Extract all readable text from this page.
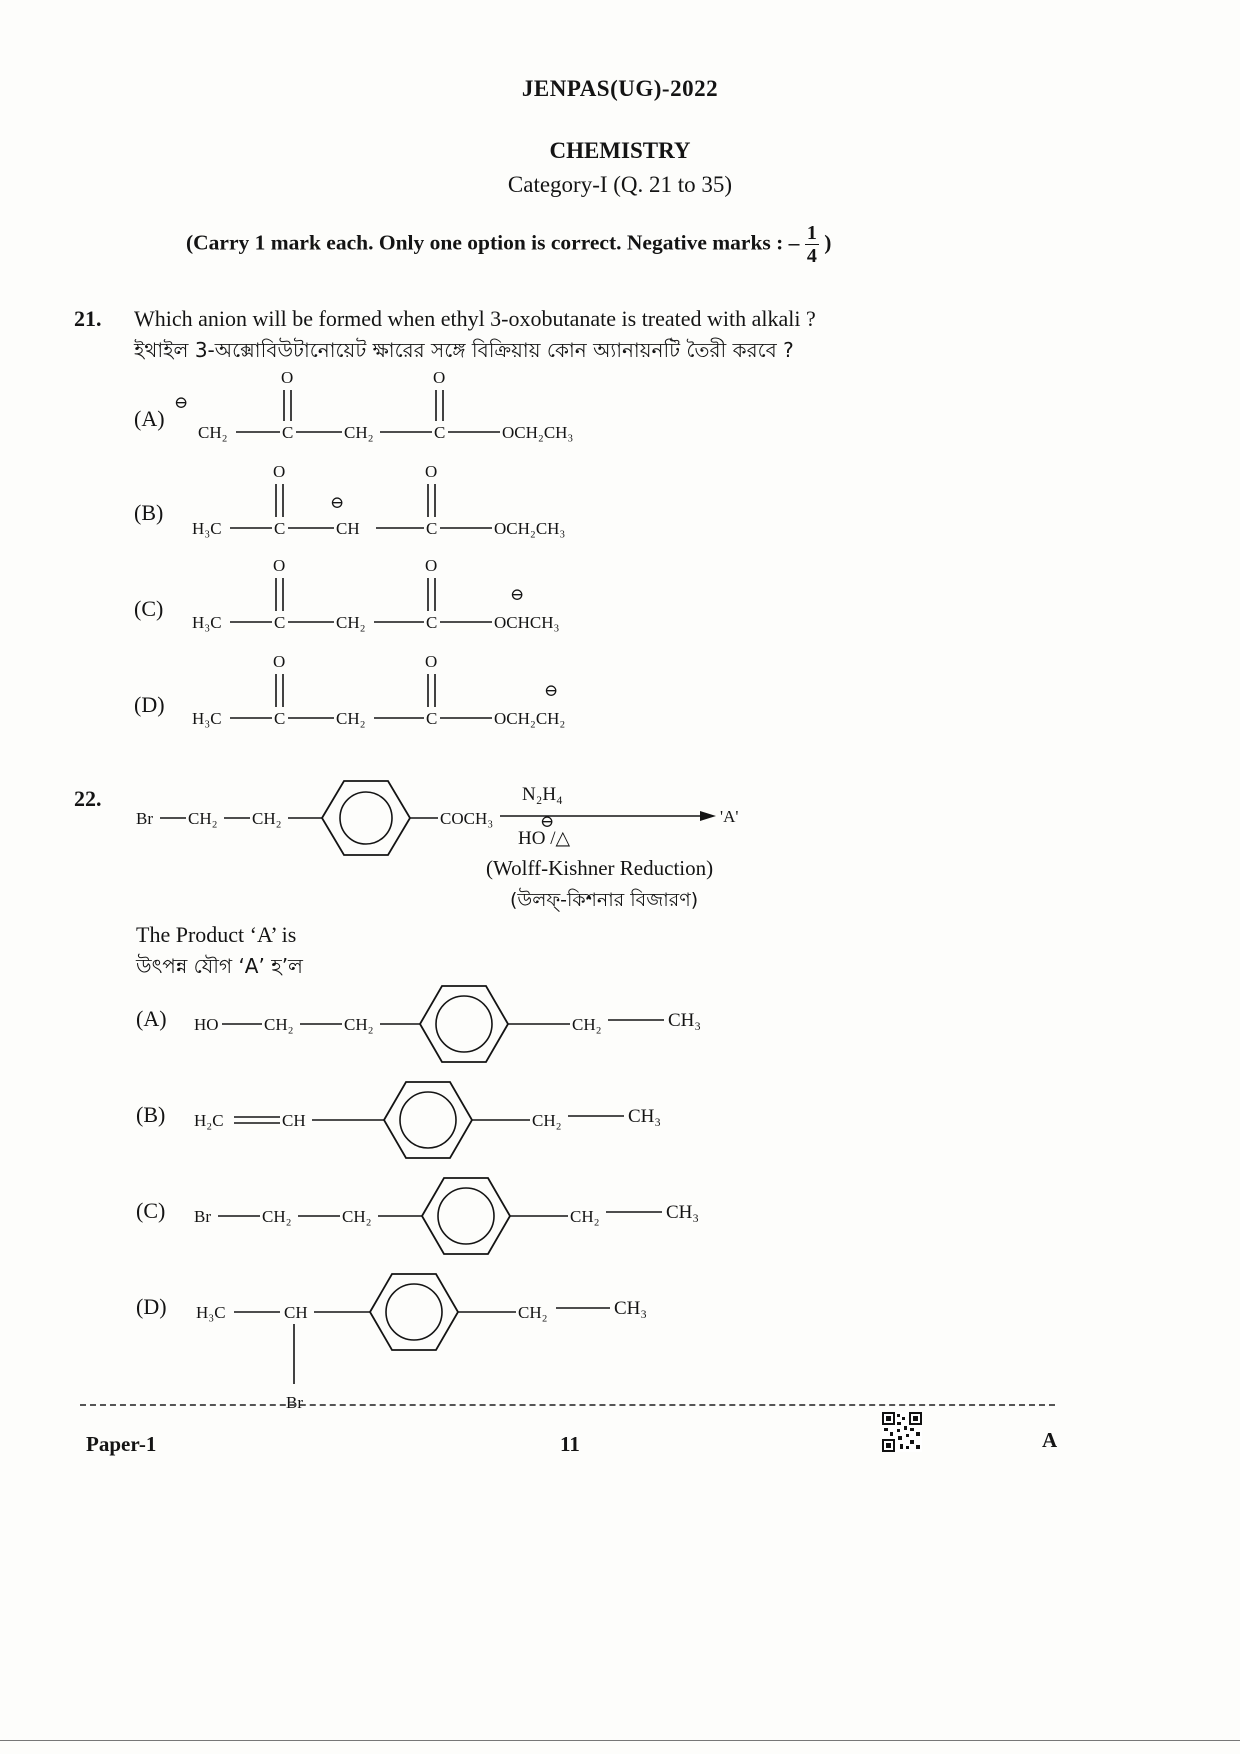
JENPAS(UG)-2022
CHEMISTRY
Category-I (Q. 21 to 35)
(Carry 1 mark each. Only one option is correct. Negative marks : – $\frac{1}{4}$ )
21. Which anion will be formed when ethyl 3-oxobutanate is treated with alkali ?
ইথাইল 3-অক্সোবিউটানোয়েট ক্ষারের সঙ্গে বিক্রিয়ায় কোন অ্যানায়নটি তৈরী করবে ?
(A)
(B)
(C)
(D)
⊖
CH₂	C
O
CH₂	C
O
OCH₂CH₃
H₃C	C
O
⊖
CH	C
O
OCH₂CH₃
H₃C	C
O
CH₂	C
O
⊖
OCHCH₃
H₃C	C
O
CH₂	C
O
⊖
OCH₂CH₂
Br CH₂ CH₂	COCH₃
N₂H₄
HO /△
⊖	'A'
HO	CH₂	CH₂	CH₂	CH₃
H₂C	CH	CH₂	CH₃
Br	CH₂	CH₂	CH₂	CH₃
H₃C	CH
Br
CH₂	CH₃
22.
(Wolff-Kishner Reduction)
(উলফ্-কিশনার বিজারণ)
The Product ‘A’ is
উৎপন্ন যৌগ ‘A’ হ’ল
(A)
(B)
(C)
(D)
Paper-1	11	A
